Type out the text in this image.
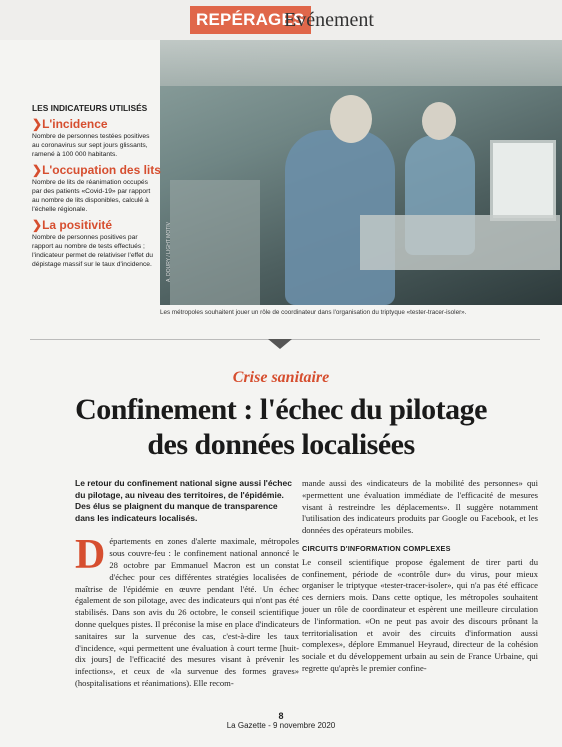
REPÉRAGES
Evénement
A. DOURY / LIGHT MOTIV
Les métropoles souhaitent jouer un rôle de coordinateur dans l'organisation du triptyque «tester-tracer-isoler».

LES INDICATEURS UTILISÉS

❯L'incidence

Nombre de personnes testées positives au coronavirus sur sept jours glissants, ramené à 100 000 habitants.

❯L'occupation des lits

Nombre de lits de réanimation occupés par des patients «Covid-19» par rapport au nombre de lits disponibles, calculé à l'échelle régionale.

❯La positivité

Nombre de personnes positives par rapport au nombre de tests effectués ; l'indicateur permet de relativiser l'effet du dépistage massif sur le taux d'incidence.

Crise sanitaire
Confinement : l'échec du pilotage
des données localisées

Le retour du confinement national signe aussi l'échec du pilotage, au niveau des territoires, de l'épidémie. Des élus se plaignent du manque de transparence dans les indicateurs localisés.

Départements en zones d'alerte maximale, métropoles sous couvre-feu : le confinement national annoncé le 28 octobre par Emmanuel Macron est un constat d'échec pour ces différentes stratégies localisées de maîtrise de l'épidémie en œuvre pendant l'été. Un échec également de son pilotage, avec des indicateurs qui n'ont pas été stabilisés. Dans son avis du 26 octobre, le conseil scientifique donne quelques pistes. Il préconise la mise en place d'indicateurs sanitaires sur la survenue des cas, c'est-à-dire les taux d'incidence, «qui permettent une évaluation à court terme [huit-dix jours] de l'efficacité des mesures visant à prévenir les infections», et ceux de «la survenue des formes graves» (hospitalisations et réanimations). Elle recom-

mande aussi des «indicateurs de la mobilité des personnes» qui «permettent une évaluation immédiate de l'efficacité de mesures visant à restreindre les déplacements». Il suggère notamment l'utilisation des indicateurs produits par Google ou Facebook, et les données des opérateurs mobiles.

CIRCUITS D'INFORMATION COMPLEXES

Le conseil scientifique propose également de tirer parti du confinement, période de «contrôle dur» du virus, pour mieux organiser le triptyque «tester-tracer-isoler», qui n'a pas été efficace ces derniers mois. Dans cette optique, les métropoles souhaitent jouer un rôle de coordinateur et espèrent une meilleure circulation de l'information. «On ne peut pas avoir des discours prônant la territorialisation et avoir des circuits d'information aussi complexes», déplore Emmanuel Heyraud, directeur de la cohésion sociale et du développement urbain au sein de France Urbaine, qui regrette qu'après le premier confine-

8
La Gazette - 9 novembre 2020
